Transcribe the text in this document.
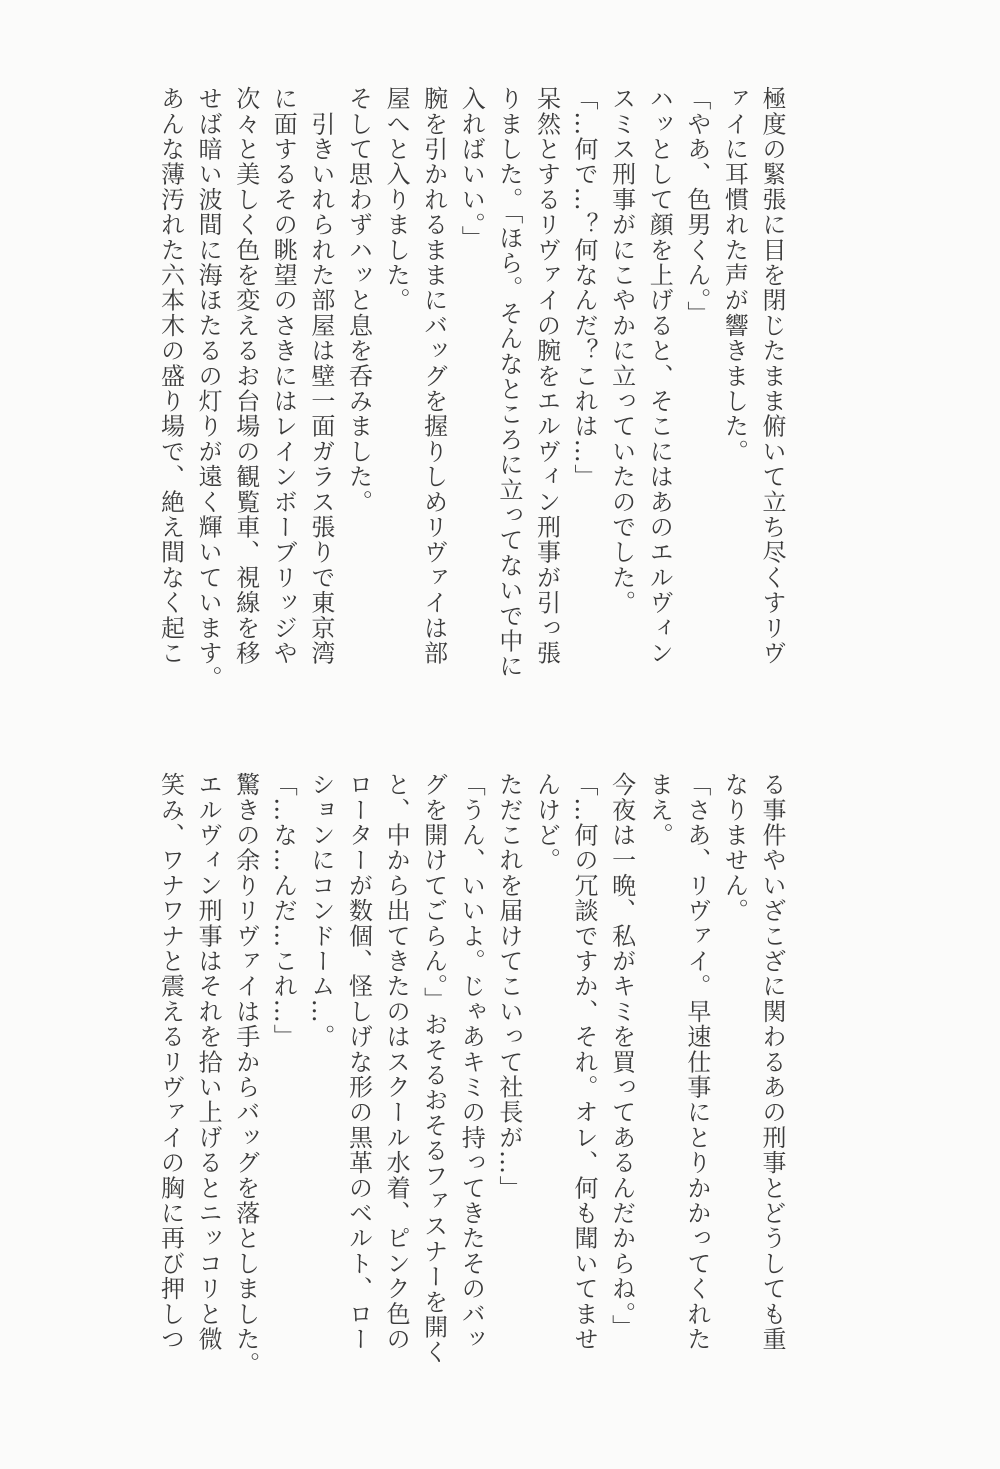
極度の緊張に目を閉じたまま俯いて立ち尽くすリヴ
ァイに耳慣れた声が響きました。
「やあ、色男くん。」
ハッとして顔を上げると、そこにはあのエルヴィン
スミス刑事がにこやかに立っていたのでした。
「…何で…？何なんだ？これは…」
呆然とするリヴァイの腕をエルヴィン刑事が引っ張
りました。「ほら。そんなところに立ってないで中に
入ればいい。」
腕を引かれるままにバッグを握りしめリヴァイは部
屋へと入りました。
そして思わずハッと息を呑みました。
　引きいれられた部屋は壁一面ガラス張りで東京湾
に面するその眺望のさきにはレインボーブリッジや
次々と美しく色を変えるお台場の観覧車、視線を移
せば暗い波間に海ほたるの灯りが遠く輝いています。
あんな薄汚れた六本木の盛り場で、絶え間なく起こ
る事件やいざこざに関わるあの刑事とどうしても重
なりません。
「さあ、リヴァイ。早速仕事にとりかかってくれた
まえ。
今夜は一晩、私がキミを買ってあるんだからね。」
「…何の冗談ですか、それ。オレ、何も聞いてませ
んけど。
ただこれを届けてこいって社長が…」
「うん、いいよ。じゃあキミの持ってきたそのバッ
グを開けてごらん。」おそるおそるファスナーを開く
と、中から出てきたのはスクール水着、ピンク色の
ローターが数個、怪しげな形の黒革のベルト、ロー
ションにコンドーム…。
「…な…んだ…これ…」
驚きの余りリヴァイは手からバッグを落としました。
エルヴィン刑事はそれを拾い上げるとニッコリと微
笑み、ワナワナと震えるリヴァイの胸に再び押しつ
